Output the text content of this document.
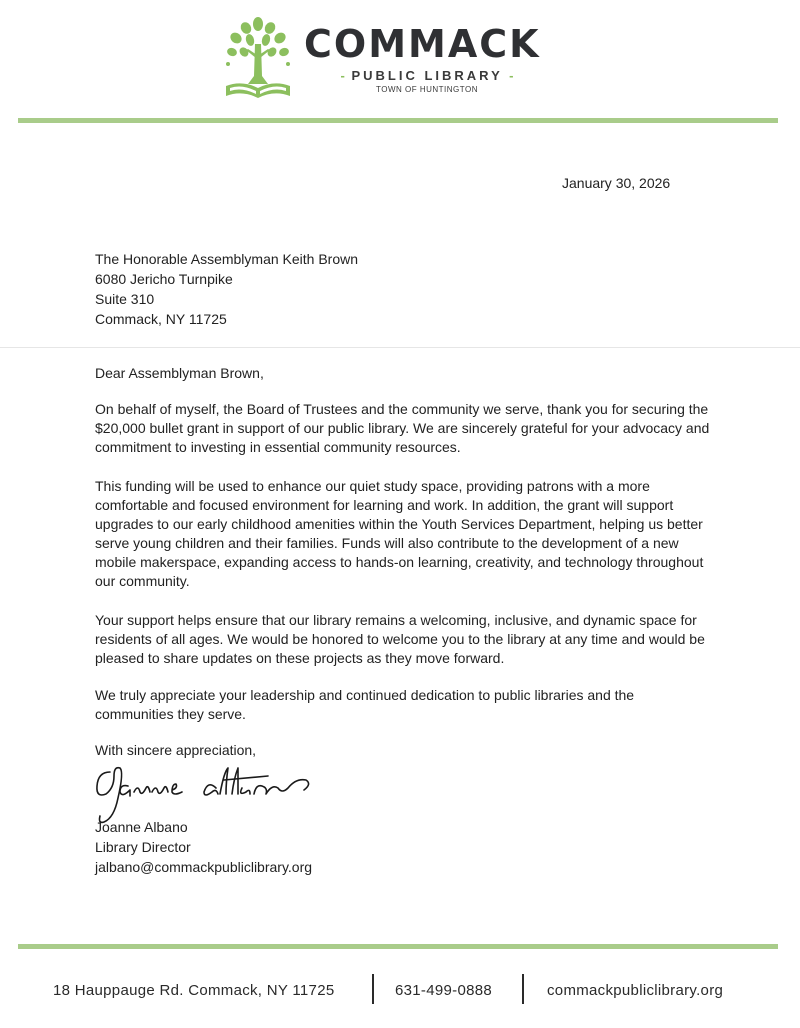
COMMACK
- PUBLIC LIBRARY -
TOWN OF HUNTINGTON
January 30, 2026
The Honorable Assemblyman Keith Brown
6080 Jericho Turnpike
Suite 310
Commack, NY 11725
Dear Assemblyman Brown,

On behalf of myself, the Board of Trustees and the community we serve, thank you for securing the $20,000 bullet grant in support of our public library. We are sincerely grateful for your advocacy and commitment to investing in essential community resources.

This funding will be used to enhance our quiet study space, providing patrons with a more comfortable and focused environment for learning and work. In addition, the grant will support upgrades to our early childhood amenities within the Youth Services Department, helping us better serve young children and their families. Funds will also contribute to the development of a new mobile makerspace, expanding access to hands-on learning, creativity, and technology throughout our community.

Your support helps ensure that our library remains a welcoming, inclusive, and dynamic space for residents of all ages. We would be honored to welcome you to the library at any time and would be pleased to share updates on these projects as they move forward.

We truly appreciate your leadership and continued dedication to public libraries and the communities they serve.

With sincere appreciation,
Joanne Albano
Library Director
jalbano@commackpubliclibrary.org
18 Hauppauge Rd. Commack, NY 11725	631-499-0888	commackpubliclibrary.org
